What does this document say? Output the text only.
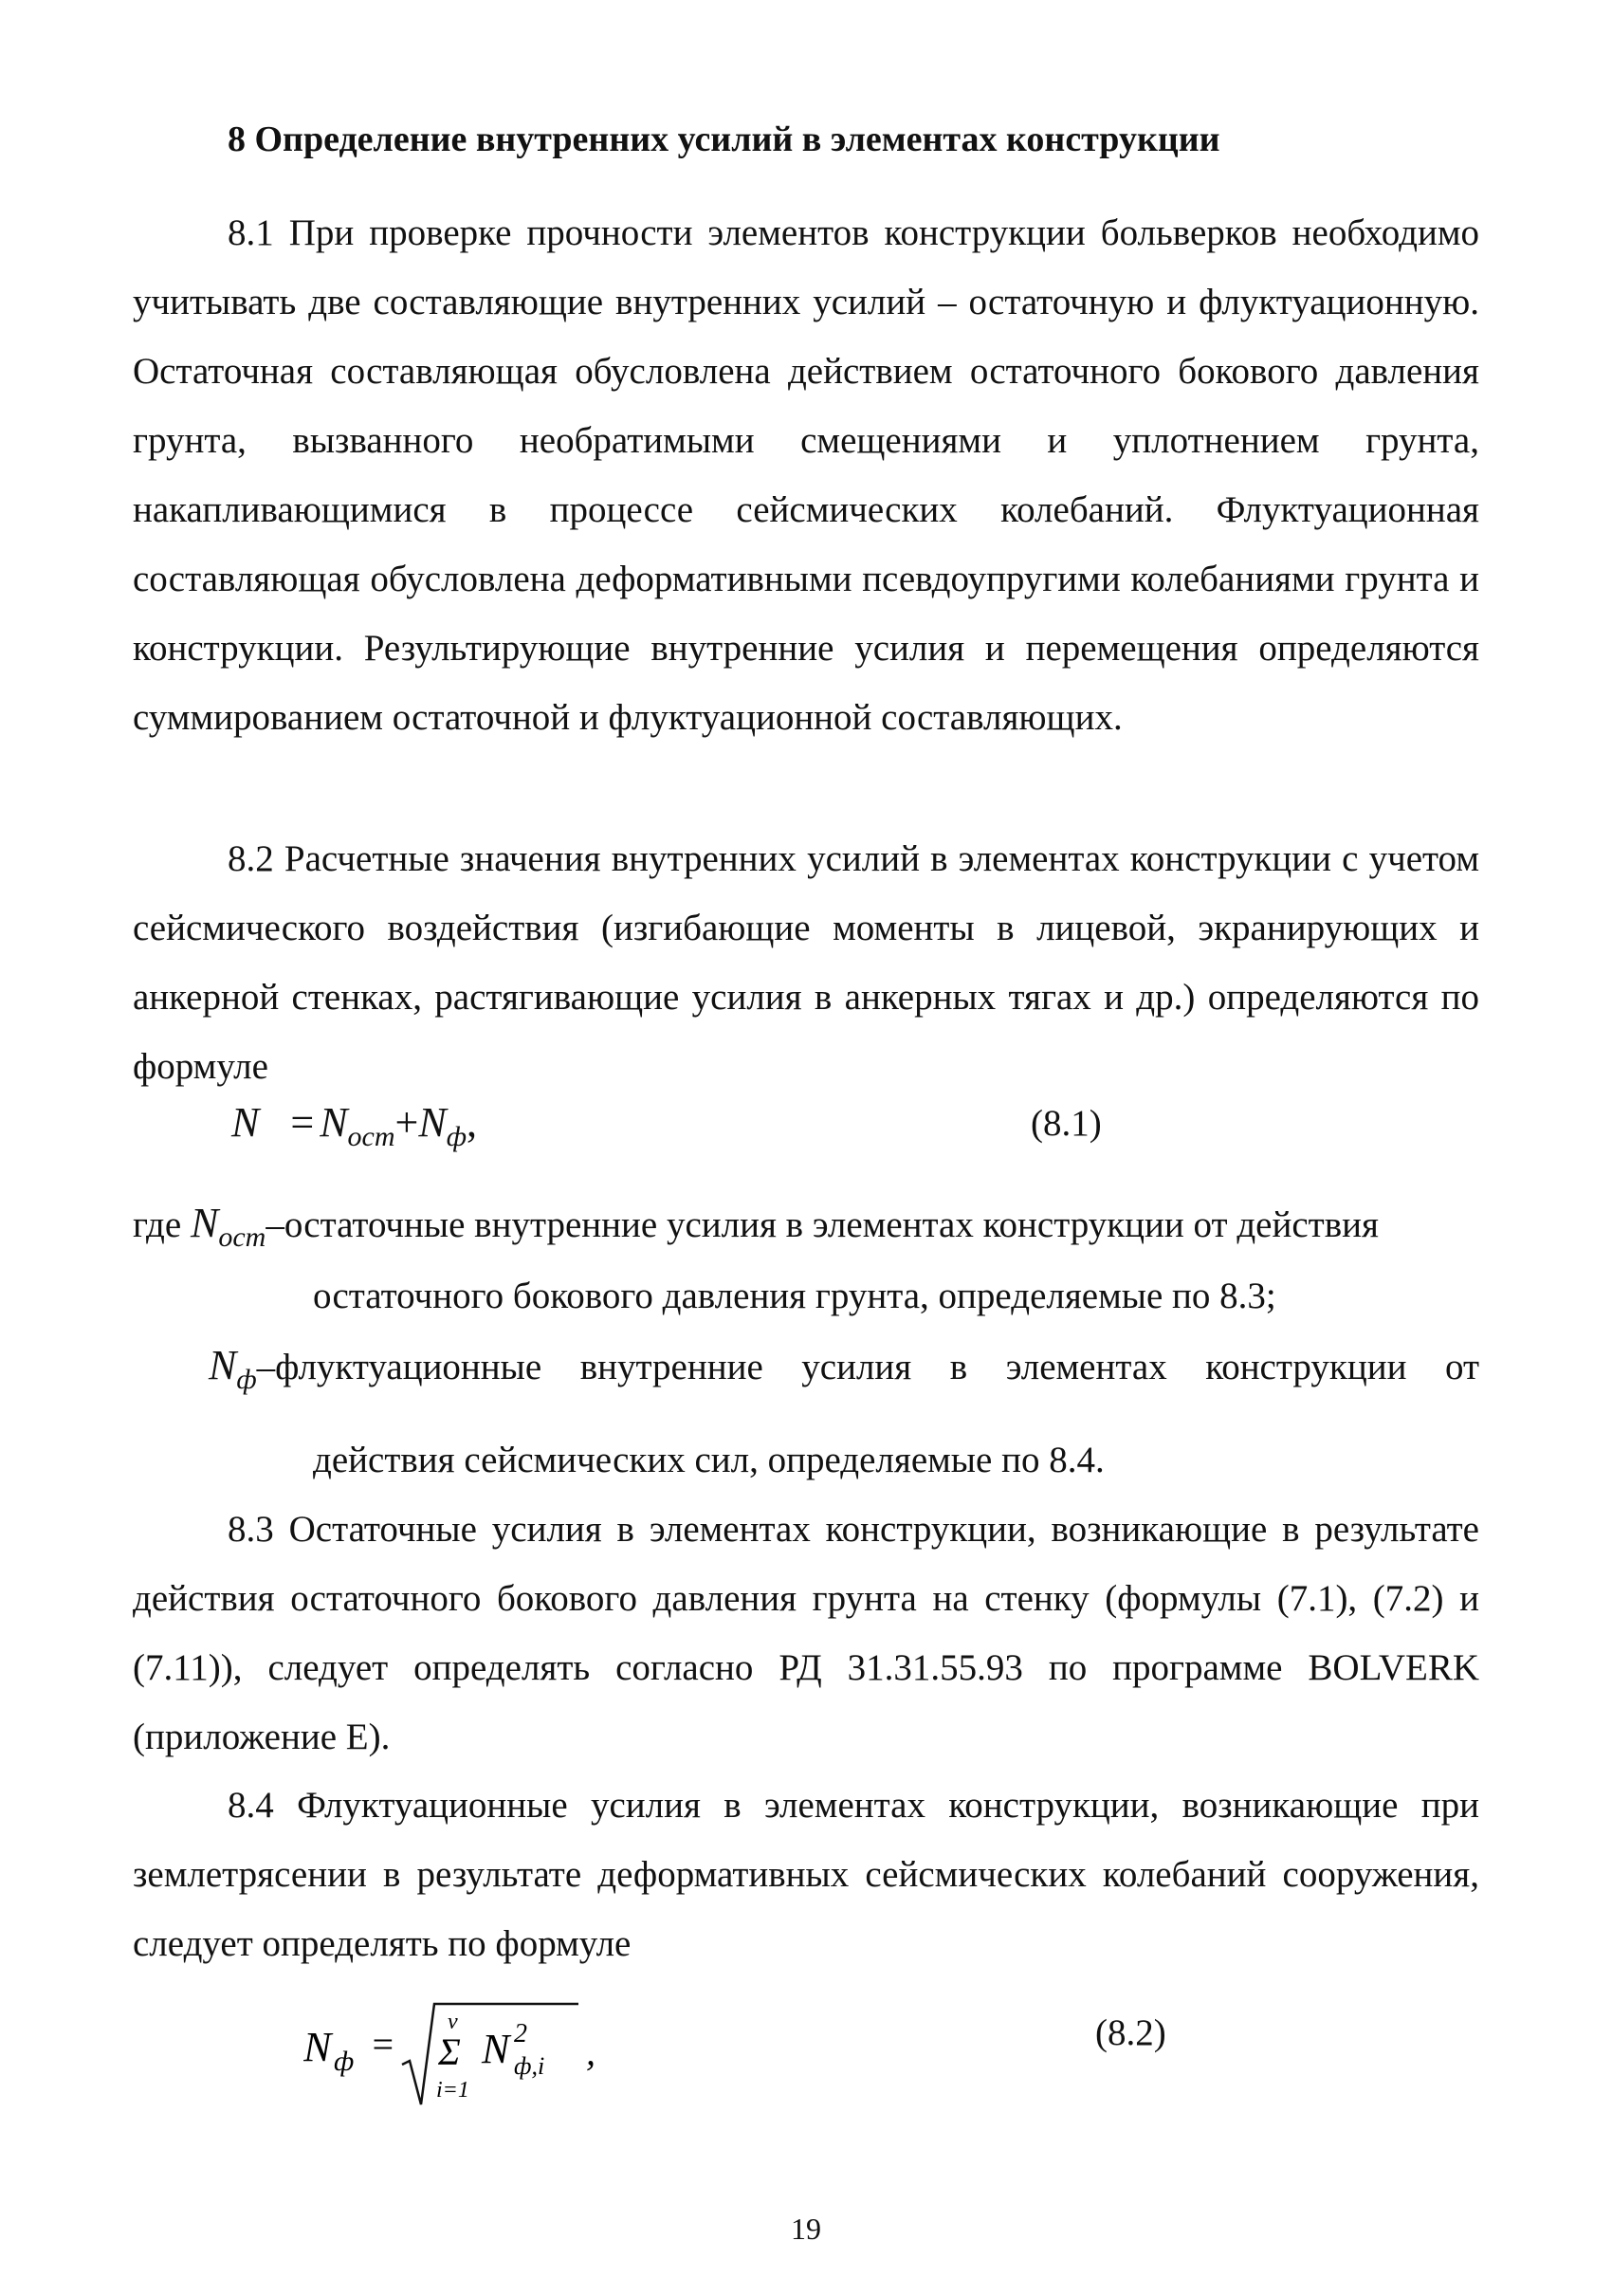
8 Определение внутренних усилий в элементах конструкции
8.1 При проверке прочности элементов конструкции больверков необходимо учитывать две составляющие внутренних усилий – остаточную и флуктуационную. Остаточная составляющая обусловлена действием остаточного бокового давления грунта, вызванного необратимыми смещениями и уплотнением грунта, накапливающимися в процессе сейсмических колебаний. Флуктуационная составляющая обусловлена деформативными псевдоупругими колебаниями грунта и конструкции. Результирующие внутренние усилия и перемещения определяются суммированием остаточной и флуктуационной составляющих.
8.2 Расчетные значения внутренних усилий в элементах конструкции с учетом сейсмического воздействия (изгибающие моменты в лицевой, экранирующих и анкерной стенках, растягивающие усилия в анкерных тягах и др.) определяются по формуле
$N = N_{ост}+N_ф$,	(8.1)
где $N_{ост}$–остаточные внутренние усилия в элементах конструкции от действия
остаточного бокового давления грунта, определяемые по 8.3;
$N_ф$–флуктуационные внутренние усилия в элементах конструкции от
действия сейсмических сил, определяемые по 8.4.
8.3 Остаточные усилия в элементах конструкции, возникающие в результате действия остаточного бокового давления грунта на стенку (формулы (7.1), (7.2) и (7.11)), следует определять согласно РД 31.31.55.93 по программе BOLVERK (приложение Е).
8.4 Флуктуационные усилия в элементах конструкции, возникающие при землетрясении в результате деформативных сейсмических колебаний сооружения, следует определять по формуле
N ф =
v
Σ
i=1
N 2
ф,i ,	(8.2)
19
